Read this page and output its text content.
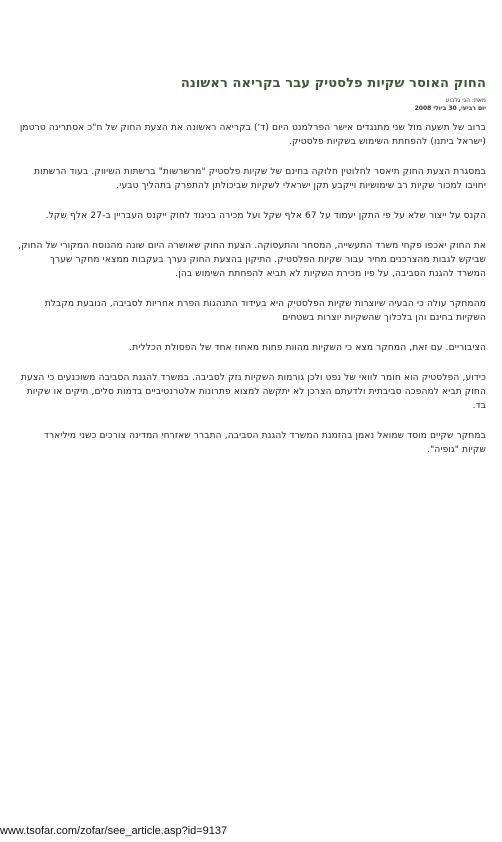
החוק האוסר שקיות פלסטיק עבר בקריאה ראשונה
מאת: הגי גלבוע
יום רביעי, 30 ביולי 2008

ברוב של תשעה מול שני מתנגדים אישר הפרלמנט היום (ד') בקריאה ראשונה את הצעת החוק של ח"כ אסתרינה טרטמן (ישראל ביתנו) להפחתת השימוש בשקיות פלסטיק.

במסגרת הצעת החוק תיאסר לחלוטין חלוקה בחינם של שקיות פלסטיק "מרשרשות" ברשתות השיווק. בעוד הרשתות יחויבו למכור שקיות רב שימושיות וייקבע תקן ישראלי לשקיות שביכולתן להתפרק בתהליך טבעי.

הקנס על ייצור שלא על פי התקן יעמוד על 67 אלף שקל ועל מכירה בניגוד לחוק ייקנס העבריין ב-27 אלף שקל.

את החוק יאכפו פקחי משרד התעשייה, המסחר והתעסוקה. הצעת החוק שאושרה היום שונה מהנוסח המקורי של החוק, שביקש לגבות מהצרכנים מחיר עבור שקיות הפלסטיק. התיקון בהצעת החוק נערך בעקבות ממצאי מחקר שערך המשרד להגנת הסביבה, על פיו מכירת השקיות לא תביא להפחתת השימוש בהן.

מהמחקר עולה כי הבעיה שיוצרות שקיות הפלסטיק היא בעידוד התנהגות הפרת אחריות לסביבה, הנובעת מקבלת השקיות בחינם והן בלכלוך שהשקיות יוצרות בשטחים

הציבוריים. עם זאת, המחקר מצא כי השקיות מהוות פחות מאחוז אחד של הפסולת הכללית.

כידוע, הפלסטיק הוא חומר לוואי של נפט ולכן גורמות השקיות נזק לסביבה. במשרד להגנת הסביבה משוכנעים כי הצעת החוק תביא למהפכה סביבתית ולדעתם הצרכן לא יתקשה למצוא פתרונות אלטרנטיביים בדמות סלים, תיקים או שקיות בד.

במחקר שקיים מוסד שמואל נאמן בהזמנת המשרד להגנת הסביבה, התברר שאזרחי המדינה צורכים כשני מיליארד שקיות "גופיה".

www.tsofar.com/zofar/see_article.asp?id=9137
